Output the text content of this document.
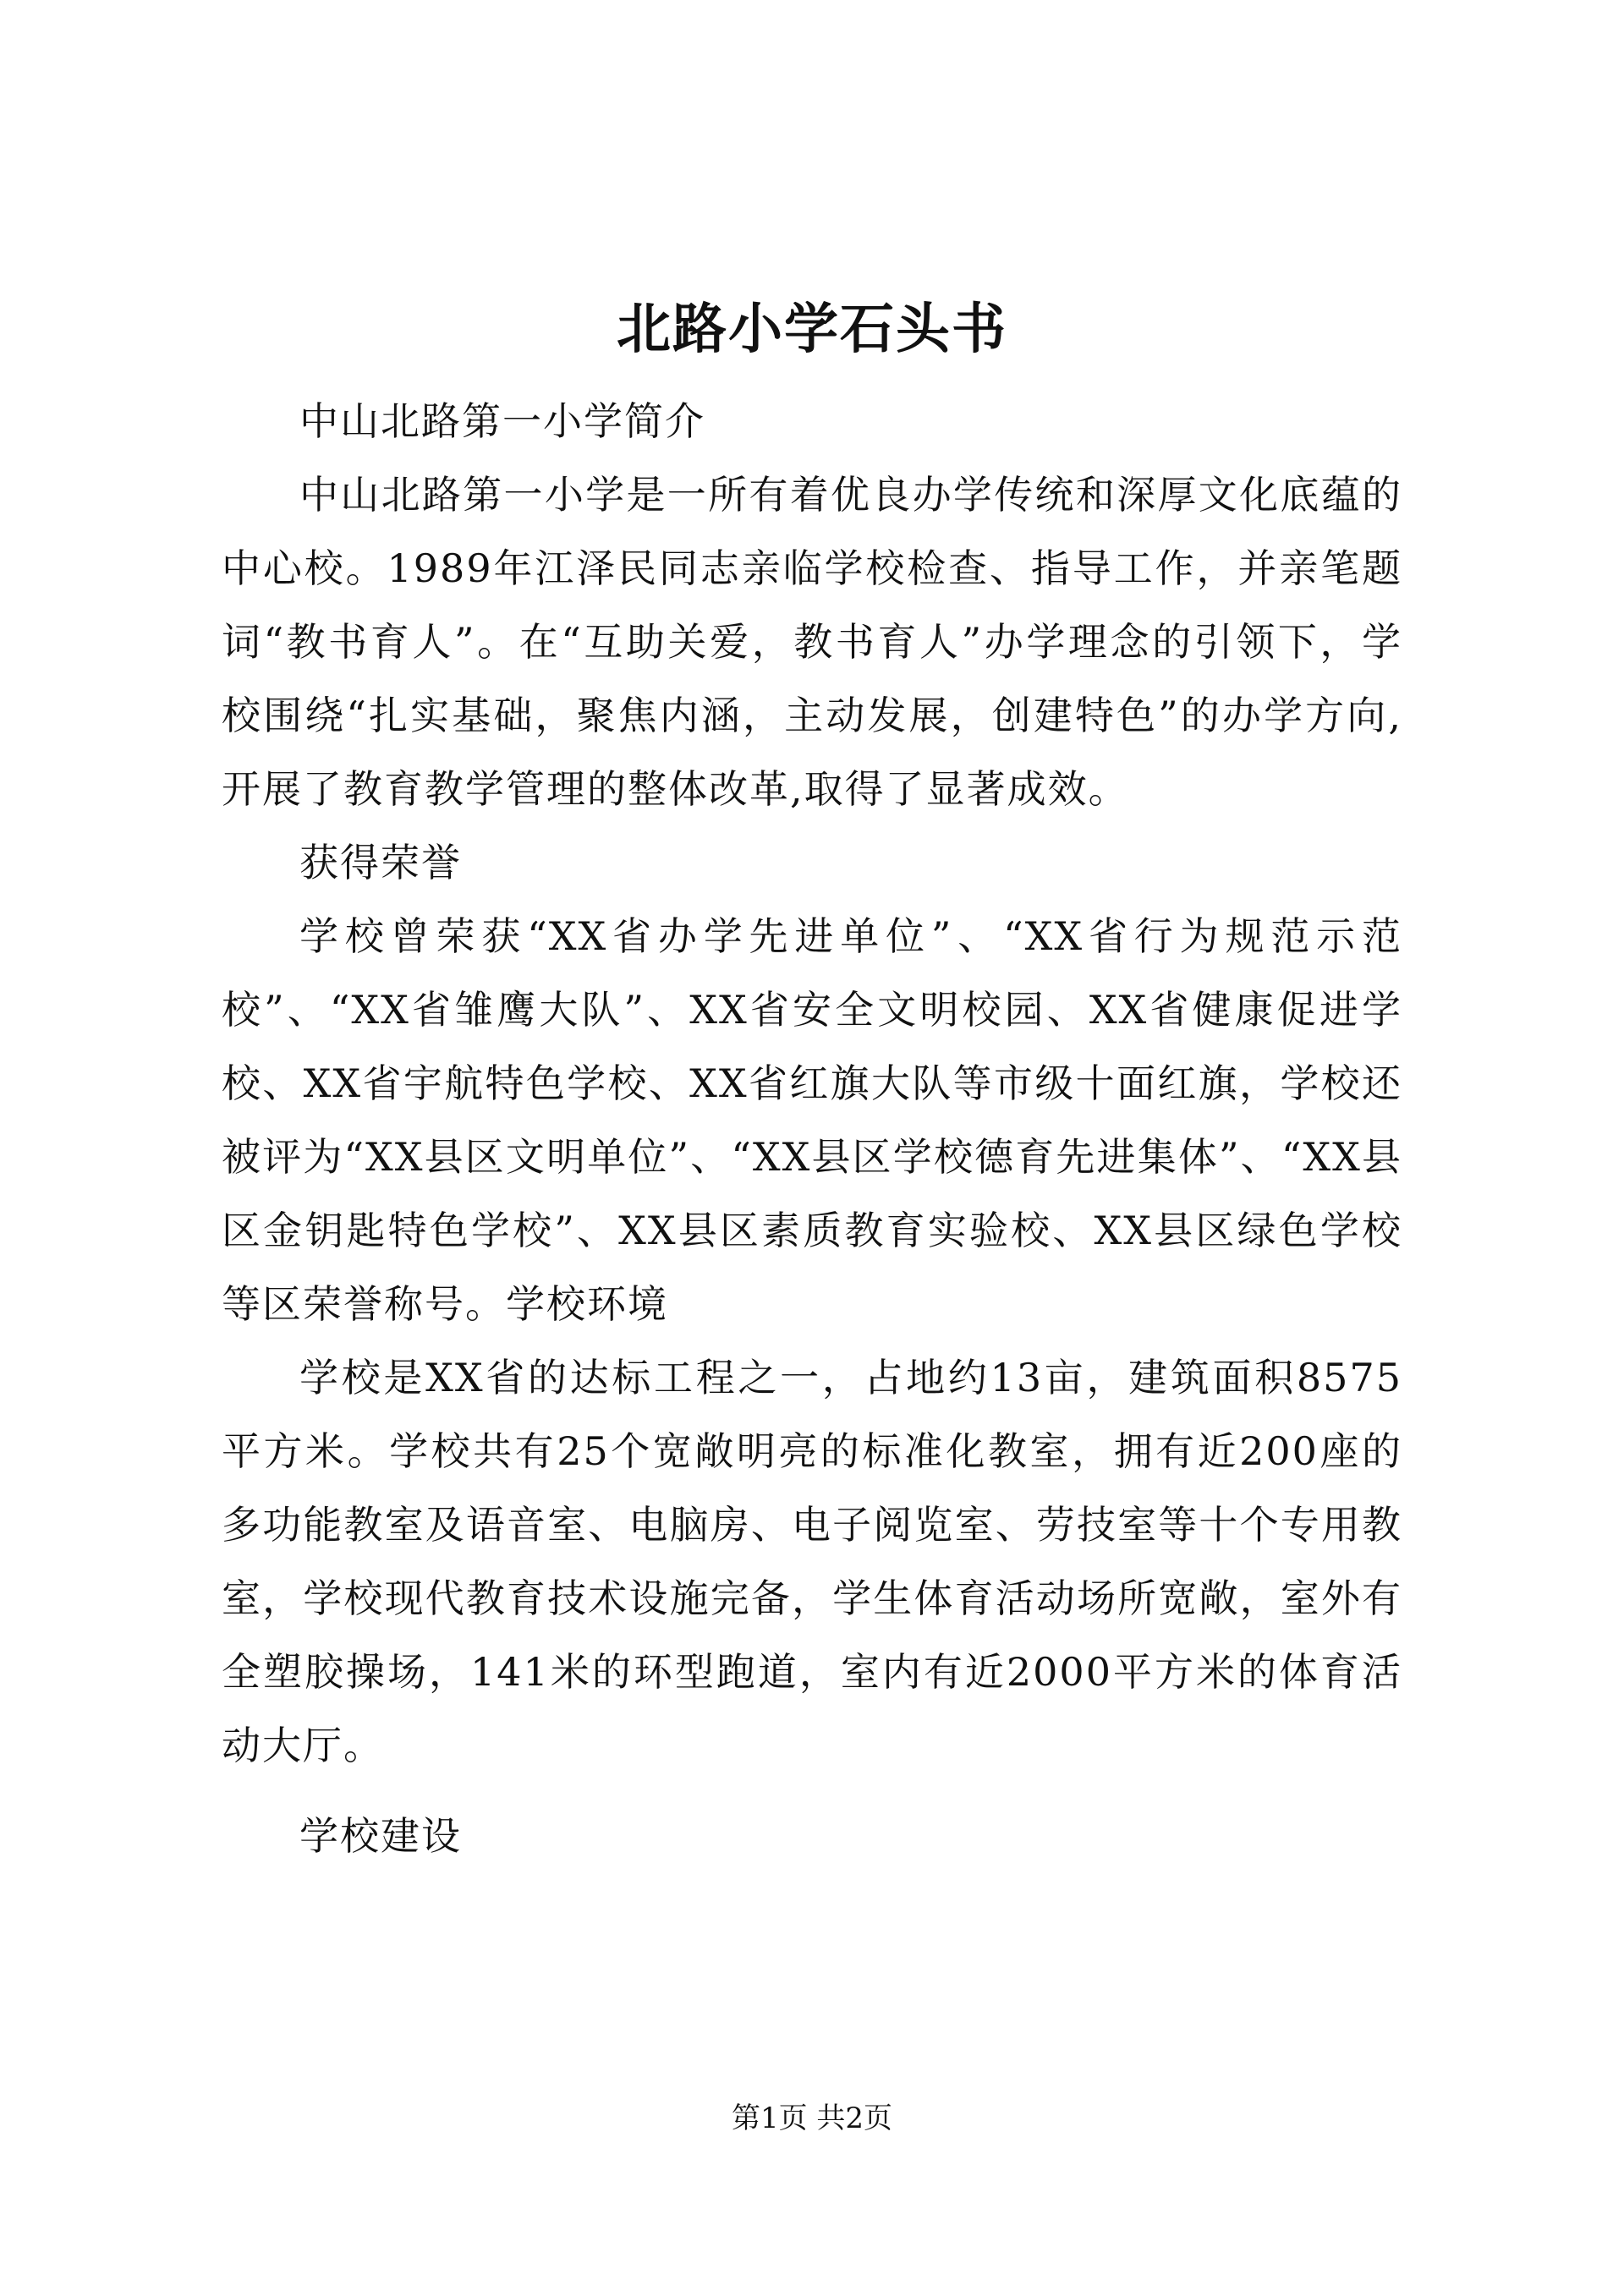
北路小学石头书

中山北路第一小学简介

中山北路第一小学是一所有着优良办学传统和深厚文化底蕴的中心校。1989年江泽民同志亲临学校检查、指导工作，并亲笔题词“教书育人”。在“互助关爱，教书育人”办学理念的引领下，学校围绕“扎实基础，聚焦内涵，主动发展，创建特色”的办学方向,开展了教育教学管理的整体改革,取得了显著成效。

获得荣誉

学校曾荣获“XX省办学先进单位”、“XX省行为规范示范校”、“XX省雏鹰大队”、XX省安全文明校园、XX省健康促进学校、XX省宇航特色学校、XX省红旗大队等市级十面红旗，学校还被评为“XX县区文明单位”、“XX县区学校德育先进集体”、“XX县区金钥匙特色学校”、XX县区素质教育实验校、XX县区绿色学校等区荣誉称号。学校环境

学校是XX省的达标工程之一，占地约13亩，建筑面积8575平方米。学校共有25个宽敞明亮的标准化教室，拥有近200座的多功能教室及语音室、电脑房、电子阅览室、劳技室等十个专用教室，学校现代教育技术设施完备，学生体育活动场所宽敞，室外有全塑胶操场，141米的环型跑道，室内有近2000平方米的体育活动大厅。

学校建设

第1页 共2页
